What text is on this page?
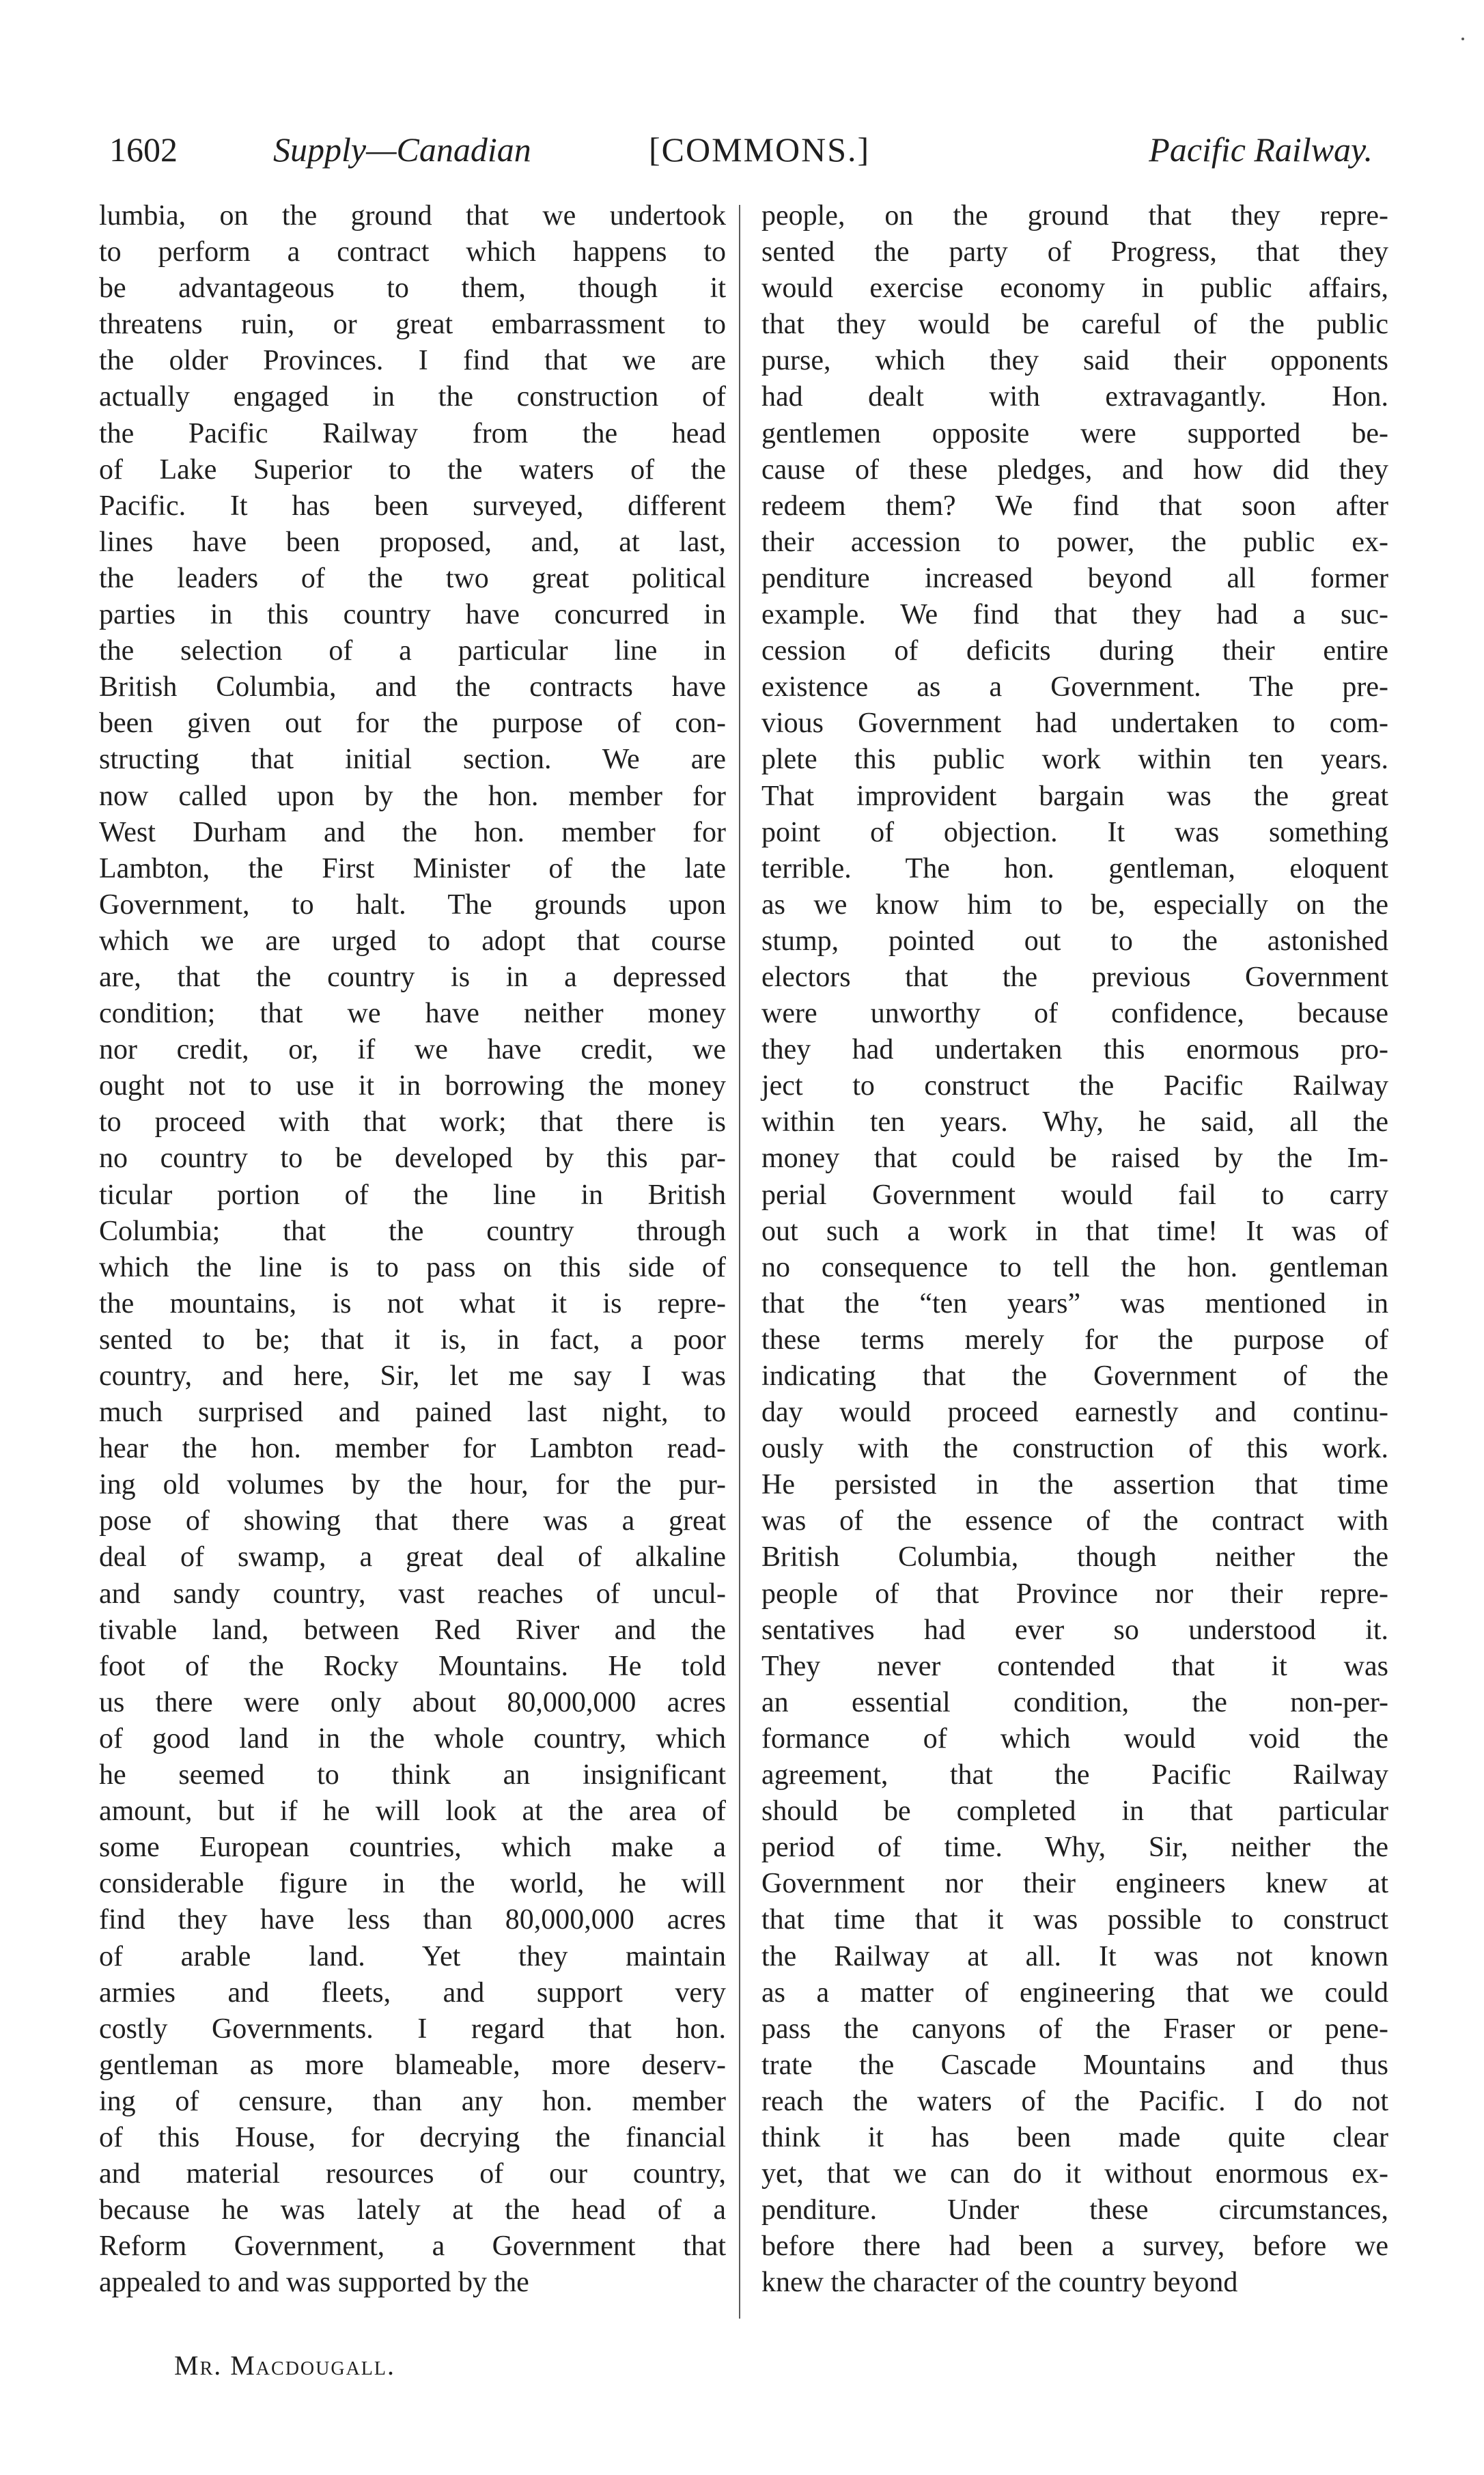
1602	Supply—Canadian	[COMMONS.]	Pacific Railway.
lumbia, on the ground that we undertook
to perform a contract which happens to
be advantageous to them, though it
threatens ruin, or great embarrassment to
the older Provinces. I find that we are
actually engaged in the construction of
the Pacific Railway from the head
of Lake Superior to the waters of the
Pacific. It has been surveyed, different
lines have been proposed, and, at last,
the leaders of the two great political
parties in this country have concurred in
the selection of a particular line in
British Columbia, and the contracts have
been given out for the purpose of con-
structing that initial section. We are
now called upon by the hon. member for
West Durham and the hon. member for
Lambton, the First Minister of the late
Government, to halt. The grounds upon
which we are urged to adopt that course
are, that the country is in a depressed
condition; that we have neither money
nor credit, or, if we have credit, we
ought not to use it in borrowing the money
to proceed with that work; that there is
no country to be developed by this par-
ticular portion of the line in British
Columbia; that the country through
which the line is to pass on this side of
the mountains, is not what it is repre-
sented to be; that it is, in fact, a poor
country, and here, Sir, let me say I was
much surprised and pained last night, to
hear the hon. member for Lambton read-
ing old volumes by the hour, for the pur-
pose of showing that there was a great
deal of swamp, a great deal of alkaline
and sandy country, vast reaches of uncul-
tivable land, between Red River and the
foot of the Rocky Mountains. He told
us there were only about 80,000,000 acres
of good land in the whole country, which
he seemed to think an insignificant
amount, but if he will look at the area of
some European countries, which make a
considerable figure in the world, he will
find they have less than 80,000,000 acres
of arable land. Yet they maintain
armies and fleets, and support very
costly Governments. I regard that hon.
gentleman as more blameable, more deserv-
ing of censure, than any hon. member
of this House, for decrying the financial
and material resources of our country,
because he was lately at the head of a
Reform Government, a Government that
appealed to and was supported by the
people, on the ground that they repre-
sented the party of Progress, that they
would exercise economy in public affairs,
that they would be careful of the public
purse, which they said their opponents
had dealt with extravagantly. Hon.
gentlemen opposite were supported be-
cause of these pledges, and how did they
redeem them? We find that soon after
their accession to power, the public ex-
penditure increased beyond all former
example. We find that they had a suc-
cession of deficits during their entire
existence as a Government. The pre-
vious Government had undertaken to com-
plete this public work within ten years.
That improvident bargain was the great
point of objection. It was something
terrible. The hon. gentleman, eloquent
as we know him to be, especially on the
stump, pointed out to the astonished
electors that the previous Government
were unworthy of confidence, because
they had undertaken this enormous pro-
ject to construct the Pacific Railway
within ten years. Why, he said, all the
money that could be raised by the Im-
perial Government would fail to carry
out such a work in that time! It was of
no consequence to tell the hon. gentleman
that the “ten years” was mentioned in
these terms merely for the purpose of
indicating that the Government of the
day would proceed earnestly and continu-
ously with the construction of this work.
He persisted in the assertion that time
was of the essence of the contract with
British Columbia, though neither the
people of that Province nor their repre-
sentatives had ever so understood it.
They never contended that it was
an essential condition, the non-per-
formance of which would void the
agreement, that the Pacific Railway
should be completed in that particular
period of time. Why, Sir, neither the
Government nor their engineers knew at
that time that it was possible to construct
the Railway at all. It was not known
as a matter of engineering that we could
pass the canyons of the Fraser or pene-
trate the Cascade Mountains and thus
reach the waters of the Pacific. I do not
think it has been made quite clear
yet, that we can do it without enormous ex-
penditure. Under these circumstances,
before there had been a survey, before we
knew the character of the country beyond
Mr. Macdougall.
